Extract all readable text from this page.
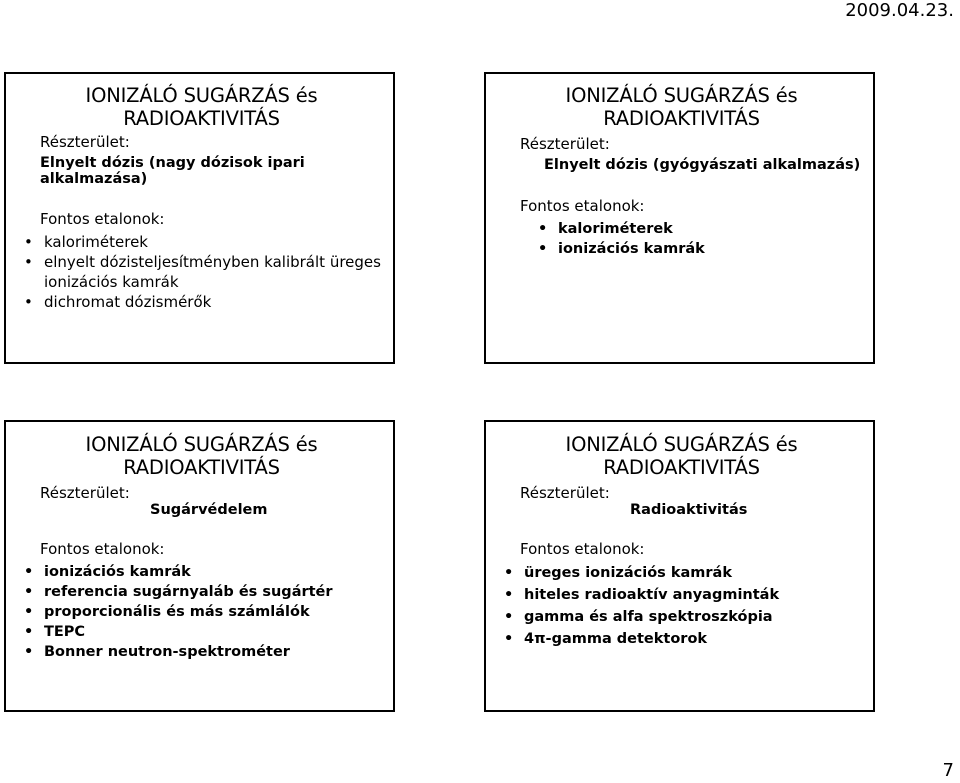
2009.04.23.
IONIZÁLÓ SUGÁRZÁS és RADIOAKTIVITÁS
Részterület:
Elnyelt dózis (nagy dózisok ipari alkalmazása)
Fontos etalonok:
• kaloriméterek
• elnyelt dózisteljesítményben kalibrált üreges ionizációs kamrák
• dichromat dózismérők
IONIZÁLÓ SUGÁRZÁS és RADIOAKTIVITÁS
Részterület:
Elnyelt dózis (gyógyászati alkalmazás)
Fontos etalonok:
• kaloriméterek
• ionizációs kamrák
IONIZÁLÓ SUGÁRZÁS és RADIOAKTIVITÁS
Részterület:
Sugárvédelem
Fontos etalonok:
• ionizációs kamrák
• referencia sugárnyaláb és sugártér
• proporcionális és más számlálók
• TEPC
• Bonner neutron-spektrométer
IONIZÁLÓ SUGÁRZÁS és RADIOAKTIVITÁS
Részterület:
Radioaktivitás
Fontos etalonok:
• üreges ionizációs kamrák
• hiteles radioaktív anyagminták
• gamma és alfa spektroszkópia
• 4π-gamma detektorok
7
